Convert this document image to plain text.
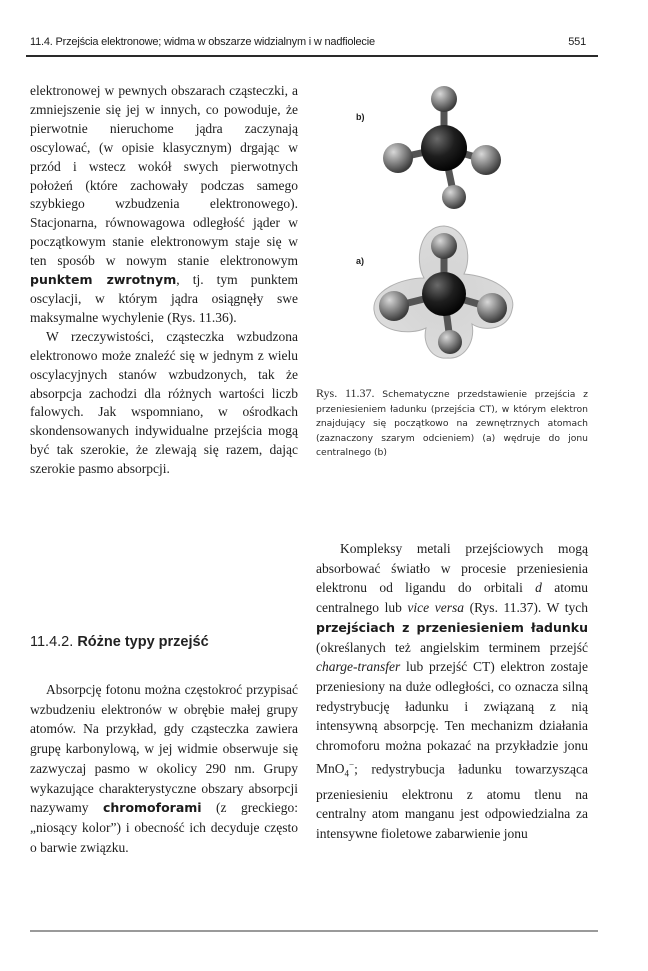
11.4. Przejścia elektronowe; widma w obszarze widzialnym i w nadfiolecie	551

elektronowej w pewnych obszarach cząsteczki, a zmniejszenie się jej w innych, co powoduje, że pierwotnie nieruchome jądra zaczynają oscylować, (w opisie klasycznym) drgając w przód i wstecz wokół swych pierwotnych położeń (które zachowały podczas samego szybkiego wzbudzenia elektronowego). Stacjonarna, równowagowa odległość jąder w początkowym stanie elektronowym staje się w ten sposób w nowym stanie elektronowym punktem zwrotnym, tj. tym punktem oscylacji, w którym jądra osiągnęły swe maksymalne wychylenie (Rys. 11.36).

W rzeczywistości, cząsteczka wzbudzona elektronowo może znaleźć się w jednym z wielu oscylacyjnych stanów wzbudzonych, tak że absorpcja zachodzi dla różnych wartości liczb falowych. Jak wspomniano, w ośrodkach skondensowanych indywidualne przejścia mogą być tak szerokie, że zlewają się razem, dając szerokie pasmo absorpcji.

11.4.2. Różne typy przejść
Absorpcję fotonu można częstokroć przypisać wzbudzeniu elektronów w obrębie małej grupy atomów. Na przykład, gdy cząsteczka zawiera grupę karbonylową, w jej widmie obserwuje się zazwyczaj pasmo w okolicy 290 nm. Grupy wykazujące charakterystyczne obszary absorpcji nazywamy chromoforami (z greckiego: „niosący kolor”) i obecność ich decyduje często o barwie związku.
b)
a)
Rys. 11.37. Schematyczne przedstawienie przejścia z przeniesieniem ładunku (przejścia CT), w którym elektron znajdujący się początkowo na zewnętrznych atomach (zaznaczony szarym odcieniem) (a) wędruje do jonu centralnego (b)
Kompleksy metali przejściowych mogą absorbować światło w procesie przeniesienia elektronu od ligandu do orbitali d atomu centralnego lub vice versa (Rys. 11.37). W tych przejściach z przeniesieniem ładunku (określanych też angielskim terminem przejść charge-transfer lub przejść CT) elektron zostaje przeniesiony na duże odległości, co oznacza silną redystrybucję ładunku i związaną z nią intensywną absorpcję. Ten mechanizm działania chromoforu można pokazać na przykładzie jonu MnO$_4$−; redystrybucja ładunku towarzysząca przeniesieniu elektronu z atomu tlenu na centralny atom manganu jest odpowiedzialna za intensywne fioletowe zabarwienie jonu
